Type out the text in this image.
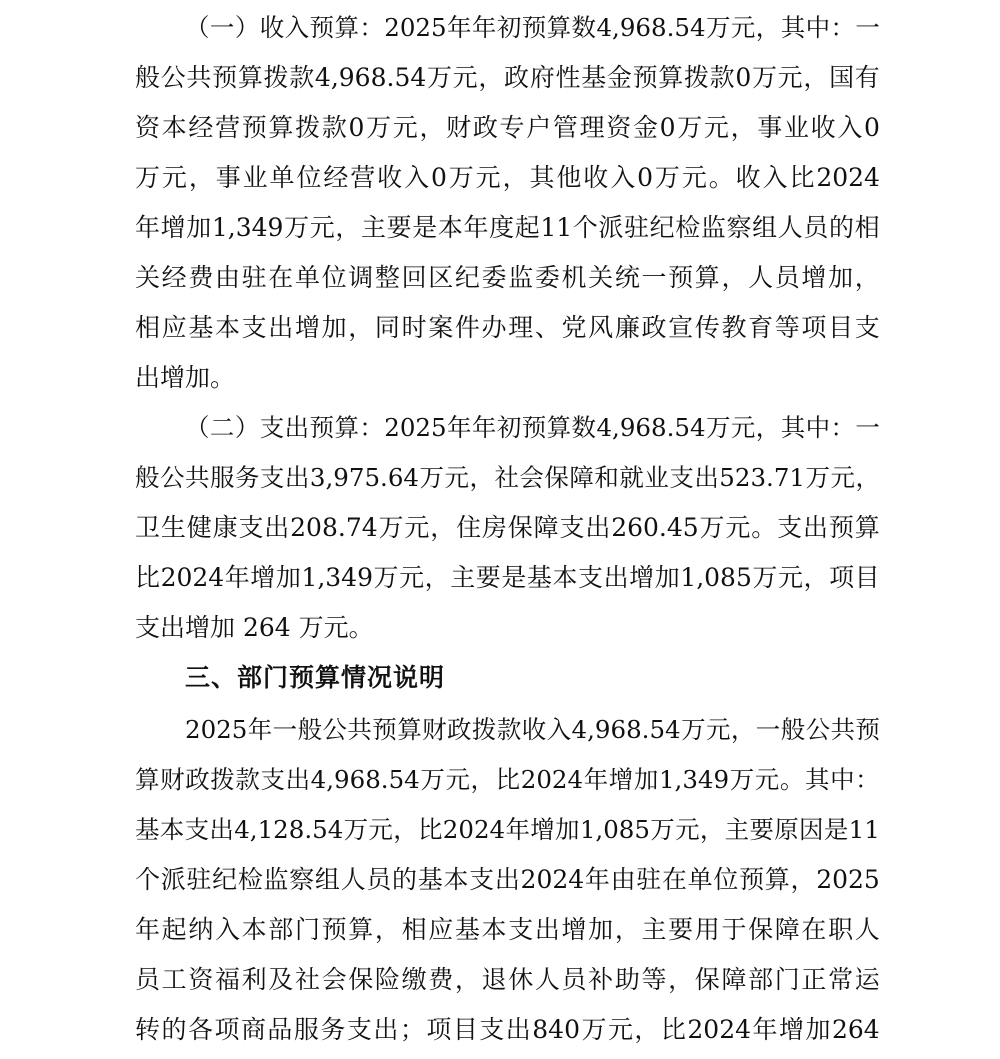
（ 一 ） 收 入 预 算 ： 2025 年 年 初 预 算 数 4,968.54 万 元 ， 其 中 ： 一
般 公 共 预 算 拨 款 4,968.54 万 元 ， 政 府 性 基 金 预 算 拨 款 0 万 元 ， 国 有
资 本 经 营 预 算 拨 款 0 万 元 ， 财 政 专 户 管 理 资 金 0 万 元 ， 事 业 收 入 0
万 元 ， 事 业 单 位 经 营 收 入 0 万 元 ， 其 他 收 入 0 万 元 。 收 入 比 2024
年 增 加 1,349 万 元 ， 主 要 是 本 年 度 起 11 个 派 驻 纪 检 监 察 组 人 员 的 相
关 经 费 由 驻 在 单 位 调 整 回 区 纪 委 监 委 机 关 统 一 预 算 ， 人 员 增 加 ，
相 应 基 本 支 出 增 加 ， 同 时 案 件 办 理 、 党 风 廉 政 宣 传 教 育 等 项 目 支
出增加。
（ 二 ） 支 出 预 算 ： 2025 年 年 初 预 算 数 4,968.54 万 元 ， 其 中 ： 一
般 公 共 服 务 支 出 3,975.64 万 元 ， 社 会 保 障 和 就 业 支 出 523.71 万 元 ，
卫 生 健 康 支 出 208.74 万 元 ， 住 房 保 障 支 出 260.45 万 元 。 支 出 预 算
比 2024 年 增 加 1,349 万 元 ， 主 要 是 基 本 支 出 增 加 1,085 万 元 ， 项 目
支出增加 264 万元。
三、部门预算情况说明
2025 年 一 般 公 共 预 算 财 政 拨 款 收 入 4,968.54 万 元 ， 一 般 公 共 预
算 财 政 拨 款 支 出 4,968.54 万 元 ， 比 2024 年 增 加 1,349 万 元 。 其 中 ：
基 本 支 出 4,128.54 万 元 ， 比 2024 年 增 加 1,085 万 元 ， 主 要 原 因 是 11
个 派 驻 纪 检 监 察 组 人 员 的 基 本 支 出 2024 年 由 驻 在 单 位 预 算 ， 2025
年 起 纳 入 本 部 门 预 算 ， 相 应 基 本 支 出 增 加 ， 主 要 用 于 保 障 在 职 人
员 工 资 福 利 及 社 会 保 险 缴 费 ， 退 休 人 员 补 助 等 ， 保 障 部 门 正 常 运
转 的 各 项 商 品 服 务 支 出 ； 项 目 支 出 840 万 元 ， 比 2024 年 增 加 264
